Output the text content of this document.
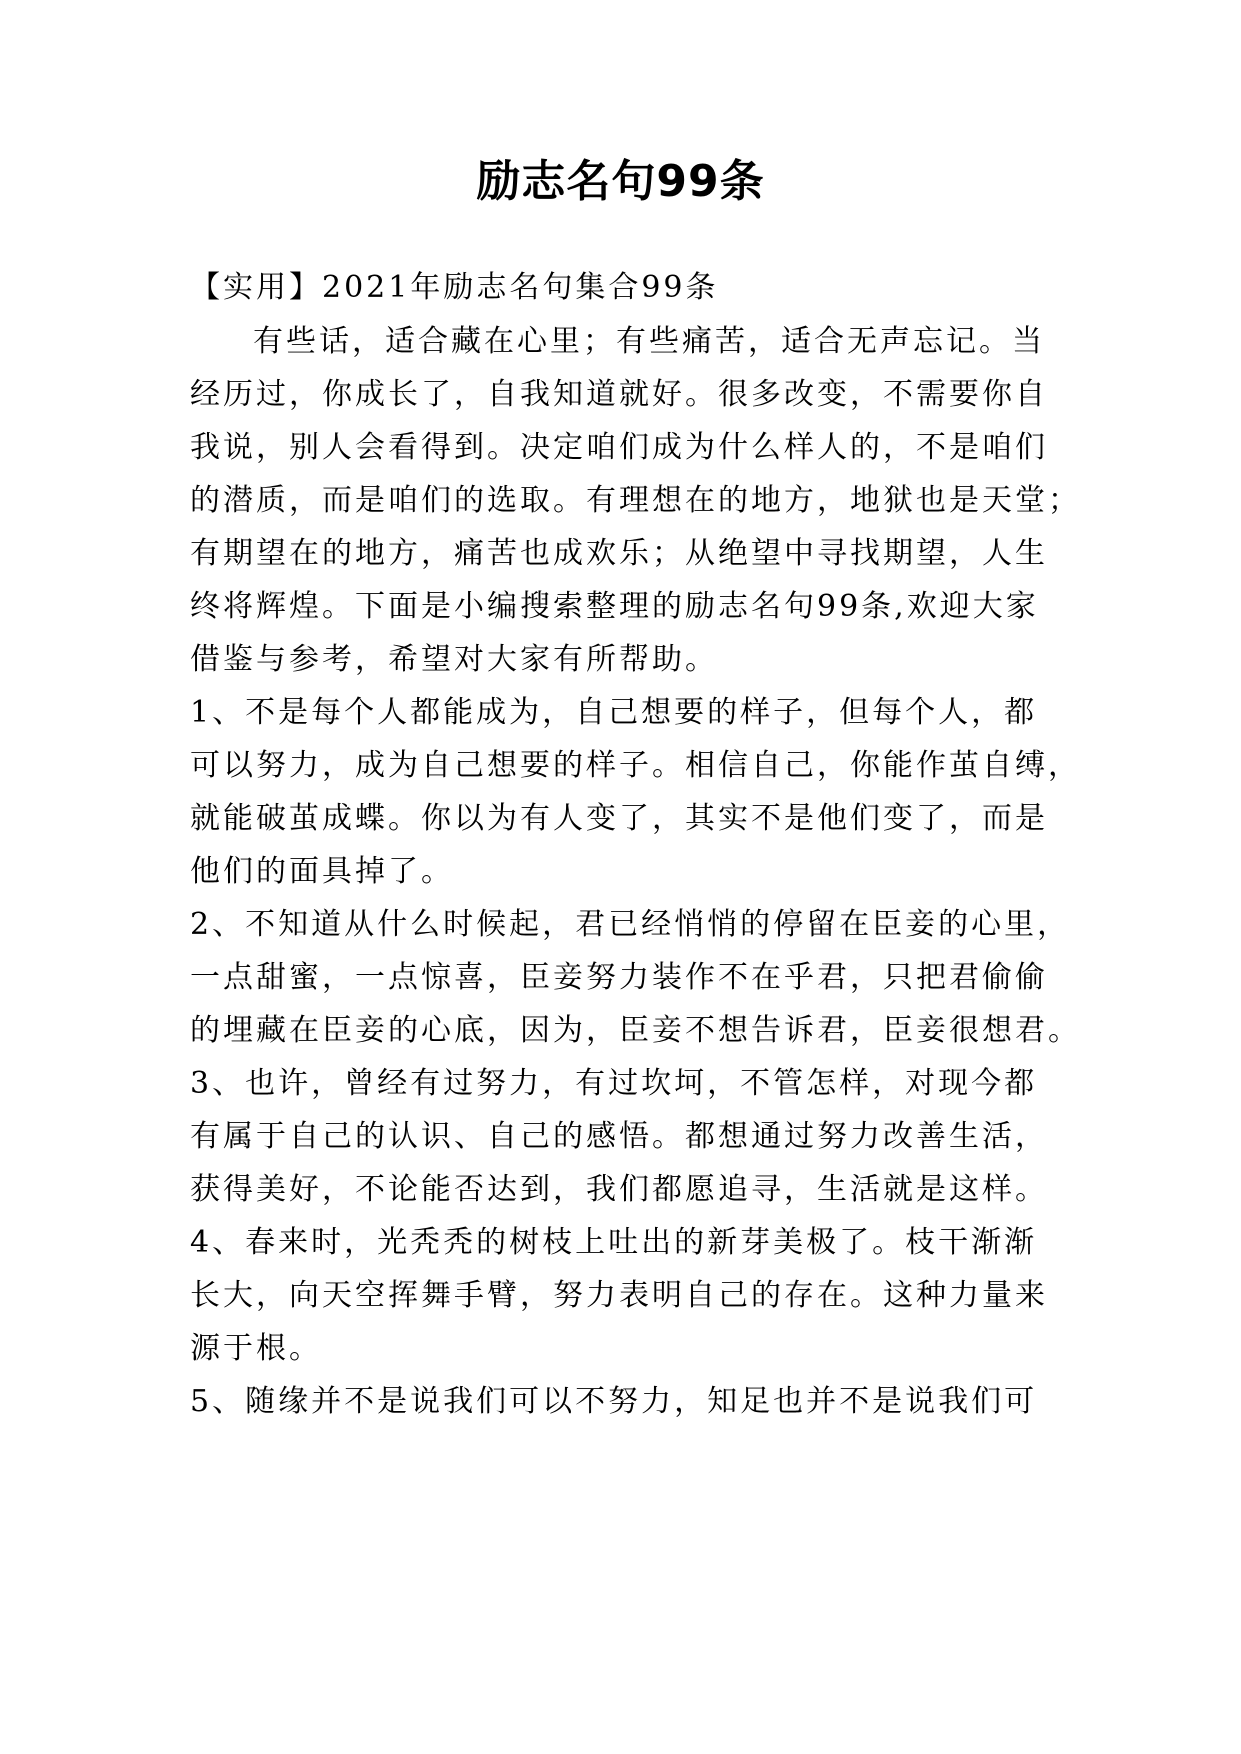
励志名句99条
【实用】2021年励志名句集合99条
有些话，适合藏在心里；有些痛苦，适合无声忘记。当
经历过，你成长了，自我知道就好。很多改变，不需要你自
我说，别人会看得到。决定咱们成为什么样人的，不是咱们
的潜质，而是咱们的选取。有理想在的地方，地狱也是天堂；
有期望在的地方，痛苦也成欢乐；从绝望中寻找期望，人生
终将辉煌。下面是小编搜索整理的励志名句99条,欢迎大家
借鉴与参考，希望对大家有所帮助。
1、不是每个人都能成为，自己想要的样子，但每个人，都
可以努力，成为自己想要的样子。相信自己，你能作茧自缚，
就能破茧成蝶。你以为有人变了，其实不是他们变了，而是
他们的面具掉了。
2、不知道从什么时候起，君已经悄悄的停留在臣妾的心里，
一点甜蜜，一点惊喜，臣妾努力装作不在乎君，只把君偷偷
的埋藏在臣妾的心底，因为，臣妾不想告诉君，臣妾很想君。
3、也许，曾经有过努力，有过坎坷，不管怎样，对现今都
有属于自己的认识、自己的感悟。都想通过努力改善生活，
获得美好，不论能否达到，我们都愿追寻，生活就是这样。
4、春来时，光秃秃的树枝上吐出的新芽美极了。枝干渐渐
长大，向天空挥舞手臂，努力表明自己的存在。这种力量来
源于根。
5、随缘并不是说我们可以不努力，知足也并不是说我们可
